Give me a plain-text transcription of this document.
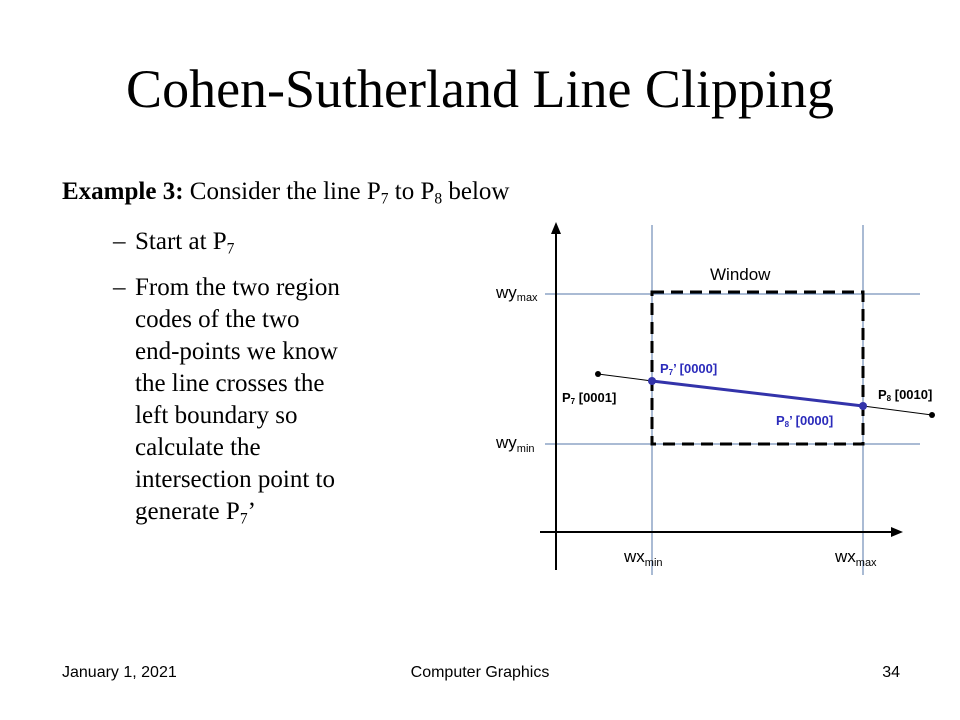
Cohen-Sutherland Line Clipping
Example 3: Consider the line $P_7$ to $P_8$ below
– Start at $P_7$
– From the two region
codes of the two
end-points we know
the line crosses the
left boundary so
calculate the
intersection point to
generate $P_7$’
Window
wymax
$wy_{min}$
$wx_{min}$	$wx_{max}$
P7 [0001]	P8 [0010]
P7’ [0000]
P8’ [0000]
January 1, 2021	Computer Graphics	34
